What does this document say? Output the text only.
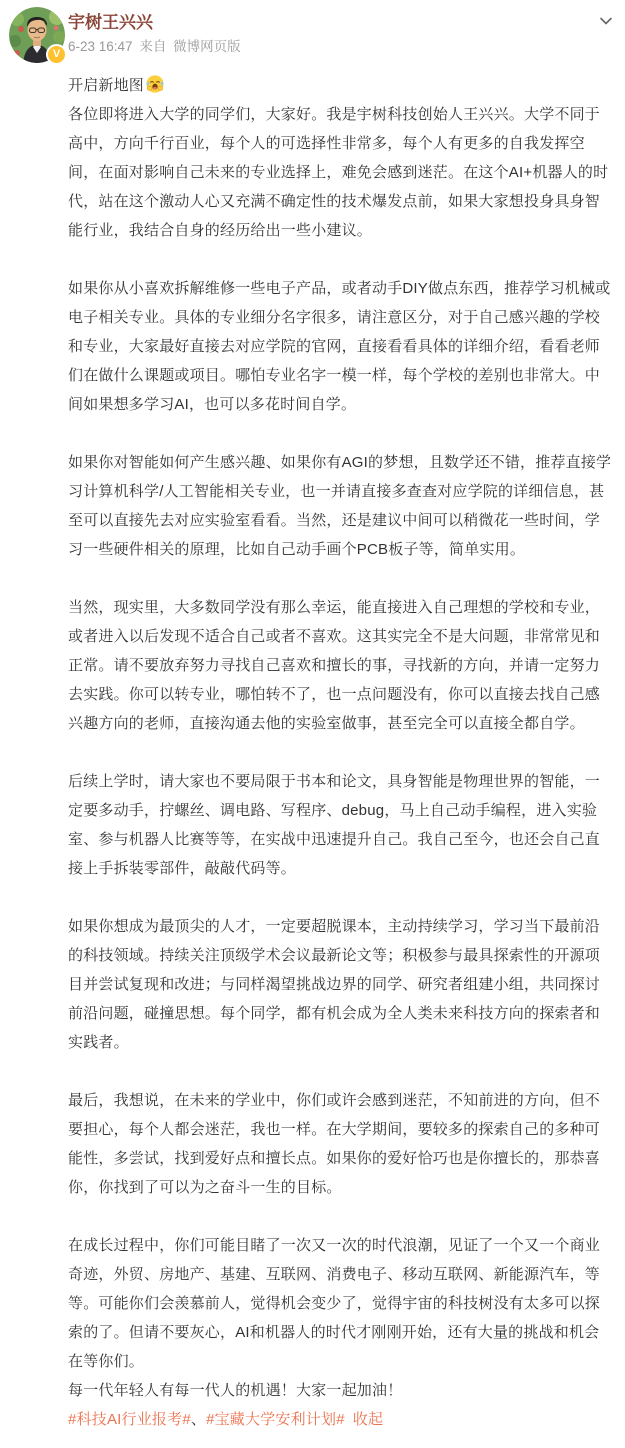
V
宇树王兴兴
6-23 16:47 来自 微博网页版

开启新地图

各位即将进入大学的同学们，大家好。我是宇树科技创始人王兴兴。大学不同于高中，方向千行百业，每个人的可选择性非常多，每个人有更多的自我发挥空间，在面对影响自己未来的专业选择上，难免会感到迷茫。在这个AI+机器人的时代，站在这个激动人心又充满不确定性的技术爆发点前，如果大家想投身具身智能行业，我结合自身的经历给出一些小建议。

如果你从小喜欢拆解维修一些电子产品，或者动手DIY做点东西，推荐学习机械或电子相关专业。具体的专业细分名字很多，请注意区分，对于自己感兴趣的学校和专业，大家最好直接去对应学院的官网，直接看看具体的详细介绍，看看老师们在做什么课题或项目。哪怕专业名字一模一样，每个学校的差别也非常大。中间如果想多学习AI，也可以多花时间自学。

如果你对智能如何产生感兴趣、如果你有AGI的梦想，且数学还不错，推荐直接学习计算机科学/人工智能相关专业，也一并请直接多查查对应学院的详细信息，甚至可以直接先去对应实验室看看。当然，还是建议中间可以稍微花一些时间，学习一些硬件相关的原理，比如自己动手画个PCB板子等，简单实用。

当然，现实里，大多数同学没有那么幸运，能直接进入自己理想的学校和专业，或者进入以后发现不适合自己或者不喜欢。这其实完全不是大问题，非常常见和正常。请不要放弃努力寻找自己喜欢和擅长的事，寻找新的方向，并请一定努力去实践。你可以转专业，哪怕转不了，也一点问题没有，你可以直接去找自己感兴趣方向的老师，直接沟通去他的实验室做事，甚至完全可以直接全都自学。

后续上学时，请大家也不要局限于书本和论文，具身智能是物理世界的智能，一定要多动手，拧螺丝、调电路、写程序、debug，马上自己动手编程，进入实验室、参与机器人比赛等等，在实战中迅速提升自己。我自己至今，也还会自己直接上手拆装零部件，敲敲代码等。

如果你想成为最顶尖的人才，一定要超脱课本，主动持续学习，学习当下最前沿的科技领域。持续关注顶级学术会议最新论文等；积极参与最具探索性的开源项目并尝试复现和改进；与同样渴望挑战边界的同学、研究者组建小组，共同探讨前沿问题，碰撞思想。每个同学，都有机会成为全人类未来科技方向的探索者和实践者。

最后，我想说，在未来的学业中，你们或许会感到迷茫，不知前进的方向，但不要担心，每个人都会迷茫，我也一样。在大学期间，要较多的探索自己的多种可能性，多尝试，找到爱好点和擅长点。如果你的爱好恰巧也是你擅长的，那恭喜你，你找到了可以为之奋斗一生的目标。

在成长过程中，你们可能目睹了一次又一次的时代浪潮，见证了一个又一个商业奇迹，外贸、房地产、基建、互联网、消费电子、移动互联网、新能源汽车，等等。可能你们会羡慕前人，觉得机会变少了，觉得宇宙的科技树没有太多可以探索的了。但请不要灰心，AI和机器人的时代才刚刚开始，还有大量的挑战和机会在等你们。

每一代年轻人有每一代人的机遇！大家一起加油！

#科技AI行业报考#、#宝藏大学安利计划# 收起
